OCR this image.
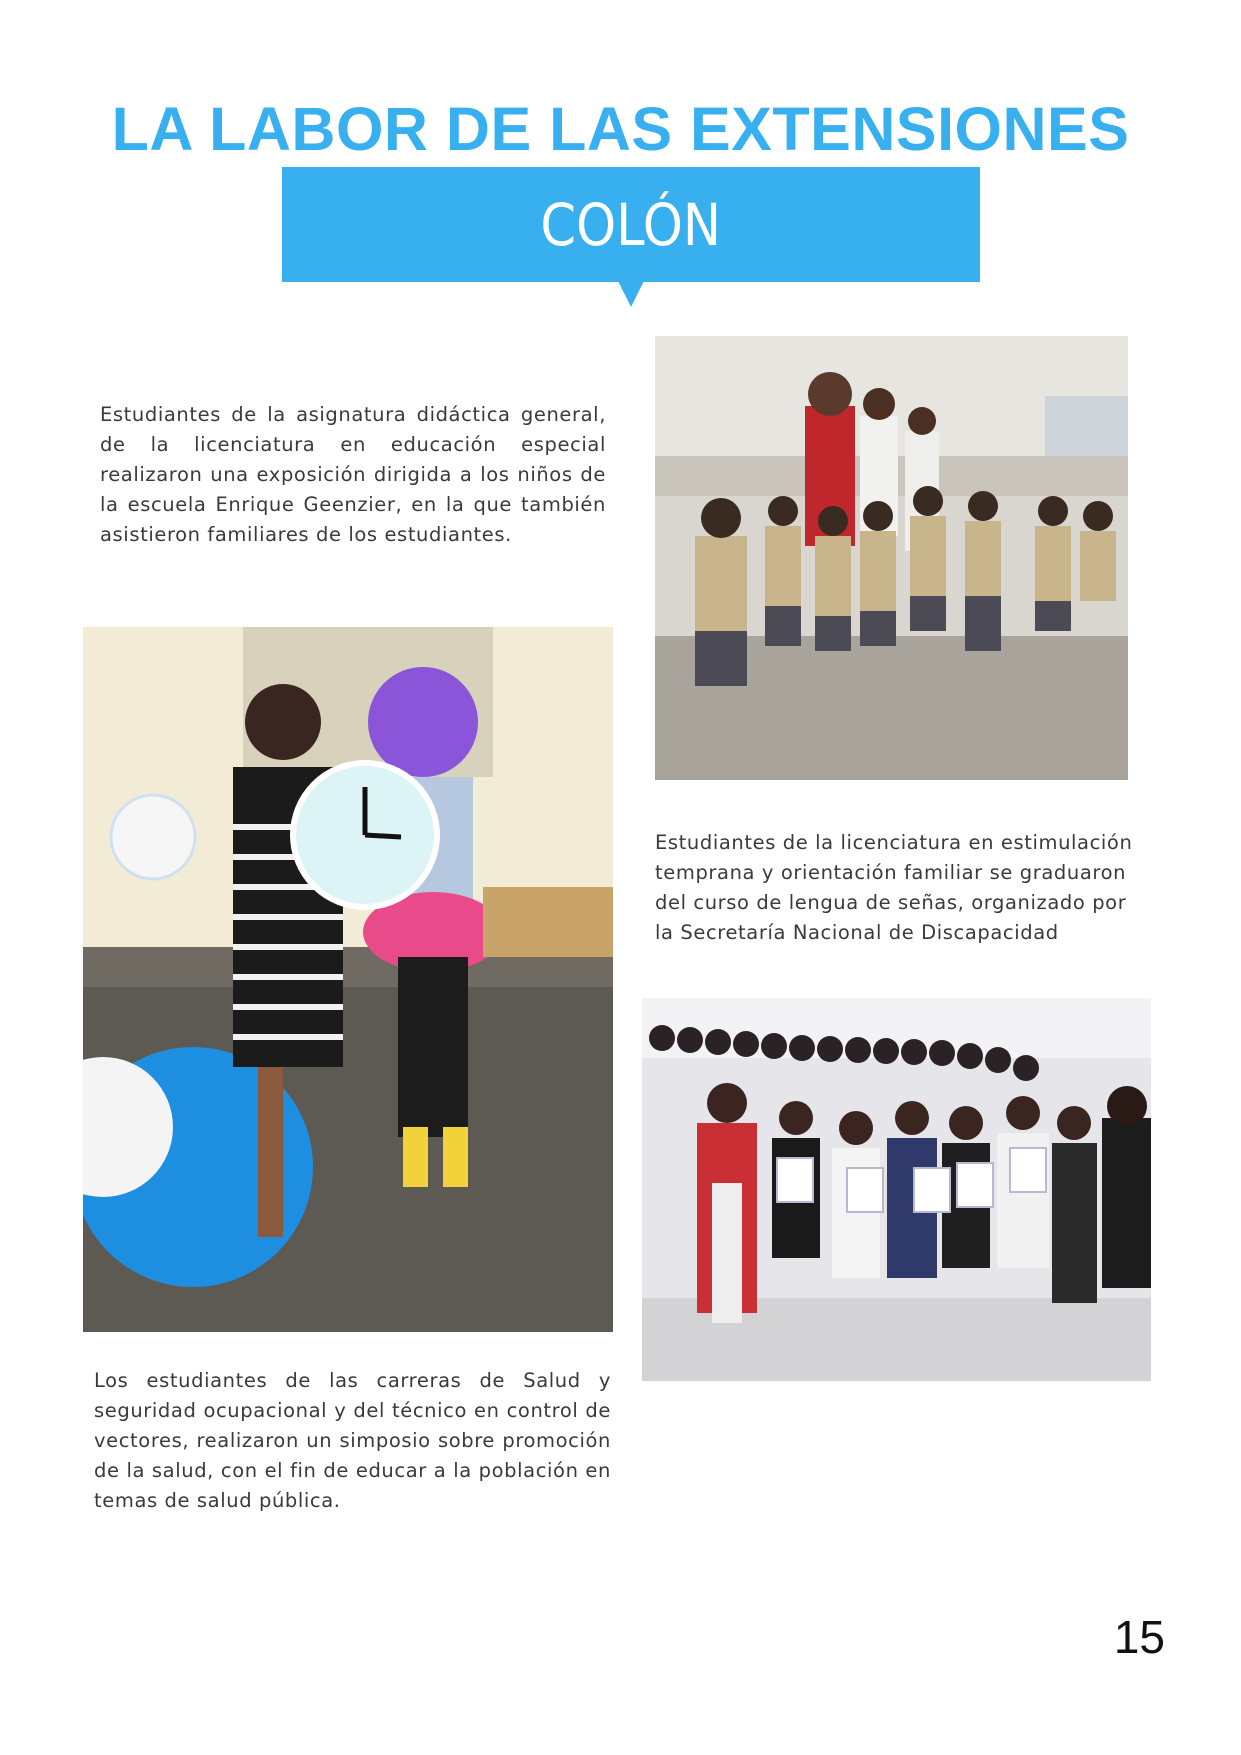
LA LABOR DE LAS EXTENSIONES
COLÓN

Estudiantes de la asignatura didáctica general, de la licenciatura en educación especial realizaron una exposición dirigida a los niños de la escuela Enrique Geenzier, en la que también asistieron familiares de los estudiantes.

Estudiantes de la licenciatura en estimulación temprana y orientación familiar se graduaron del curso de lengua de señas, organizado por la Secretaría Nacional de Discapacidad

Los estudiantes de las carreras de Salud y seguridad ocupacional y del técnico en control de vectores, realizaron un simposio sobre promoción de la salud, con el fin de educar a la población en temas de salud pública.

15
